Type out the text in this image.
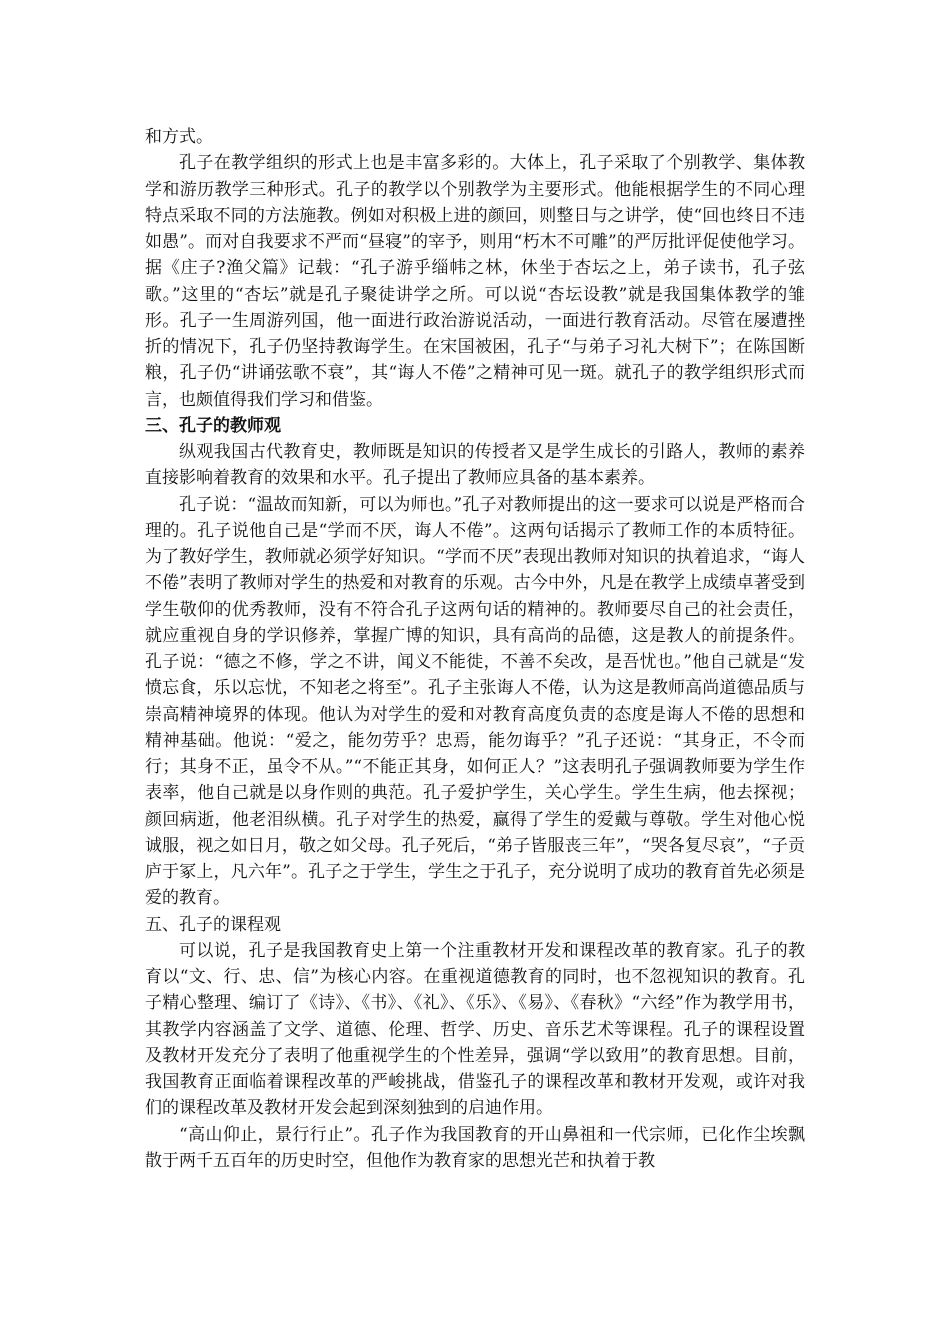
和方式。

孔子在教学组织的形式上也是丰富多彩的。大体上，孔子采取了个别教学、集体教学和游历教学三种形式。孔子的教学以个别教学为主要形式。他能根据学生的不同心理特点采取不同的方法施教。例如对积极上进的颜回，则整日与之讲学，使“回也终日不违如愚”。而对自我要求不严而“昼寝”的宰予，则用“朽木不可雕”的严厉批评促使他学习。据《庄子?渔父篇》记载：“孔子游乎缁帏之林，休坐于杏坛之上，弟子读书，孔子弦歌。”这里的“杏坛”就是孔子聚徒讲学之所。可以说“杏坛设教”就是我国集体教学的雏形。孔子一生周游列国，他一面进行政治游说活动，一面进行教育活动。尽管在屡遭挫折的情况下，孔子仍坚持教诲学生。在宋国被困，孔子“与弟子习礼大树下”；在陈国断粮，孔子仍“讲诵弦歌不衰”，其“诲人不倦”之精神可见一斑。就孔子的教学组织形式而言，也颇值得我们学习和借鉴。

三、孔子的教师观

纵观我国古代教育史，教师既是知识的传授者又是学生成长的引路人，教师的素养直接影响着教育的效果和水平。孔子提出了教师应具备的基本素养。

孔子说：“温故而知新，可以为师也。”孔子对教师提出的这一要求可以说是严格而合理的。孔子说他自己是“学而不厌，诲人不倦”。这两句话揭示了教师工作的本质特征。为了教好学生，教师就必须学好知识。“学而不厌”表现出教师对知识的执着追求，“诲人不倦”表明了教师对学生的热爱和对教育的乐观。古今中外，凡是在教学上成绩卓著受到学生敬仰的优秀教师，没有不符合孔子这两句话的精神的。教师要尽自己的社会责任，就应重视自身的学识修养，掌握广博的知识，具有高尚的品德，这是教人的前提条件。孔子说：“德之不修，学之不讲，闻义不能徙，不善不矣改，是吾忧也。”他自己就是“发愤忘食，乐以忘忧，不知老之将至”。孔子主张诲人不倦，认为这是教师高尚道德品质与崇高精神境界的体现。他认为对学生的爱和对教育高度负责的态度是诲人不倦的思想和精神基础。他说：“爱之，能勿劳乎？忠焉，能勿诲乎？”孔子还说：“其身正，不令而行；其身不正，虽令不从。”“不能正其身，如何正人？”这表明孔子强调教师要为学生作表率，他自己就是以身作则的典范。孔子爱护学生，关心学生。学生生病，他去探视；颜回病逝，他老泪纵横。孔子对学生的热爱，赢得了学生的爱戴与尊敬。学生对他心悦诚服，视之如日月，敬之如父母。孔子死后，“弟子皆服丧三年”，“哭各复尽哀”，“子贡庐于冢上，凡六年”。孔子之于学生，学生之于孔子，充分说明了成功的教育首先必须是爱的教育。

五、孔子的课程观

可以说，孔子是我国教育史上第一个注重教材开发和课程改革的教育家。孔子的教育以“文、行、忠、信”为核心内容。在重视道德教育的同时，也不忽视知识的教育。孔子精心整理、编订了《诗》、《书》、《礼》、《乐》、《易》、《春秋》“六经”作为教学用书，其教学内容涵盖了文学、道德、伦理、哲学、历史、音乐艺术等课程。孔子的课程设置及教材开发充分了表明了他重视学生的个性差异，强调“学以致用”的教育思想。目前，我国教育正面临着课程改革的严峻挑战，借鉴孔子的课程改革和教材开发观，或许对我们的课程改革及教材开发会起到深刻独到的启迪作用。

“高山仰止，景行行止”。孔子作为我国教育的开山鼻祖和一代宗师，已化作尘埃飘散于两千五百年的历史时空，但他作为教育家的思想光芒和执着于教
